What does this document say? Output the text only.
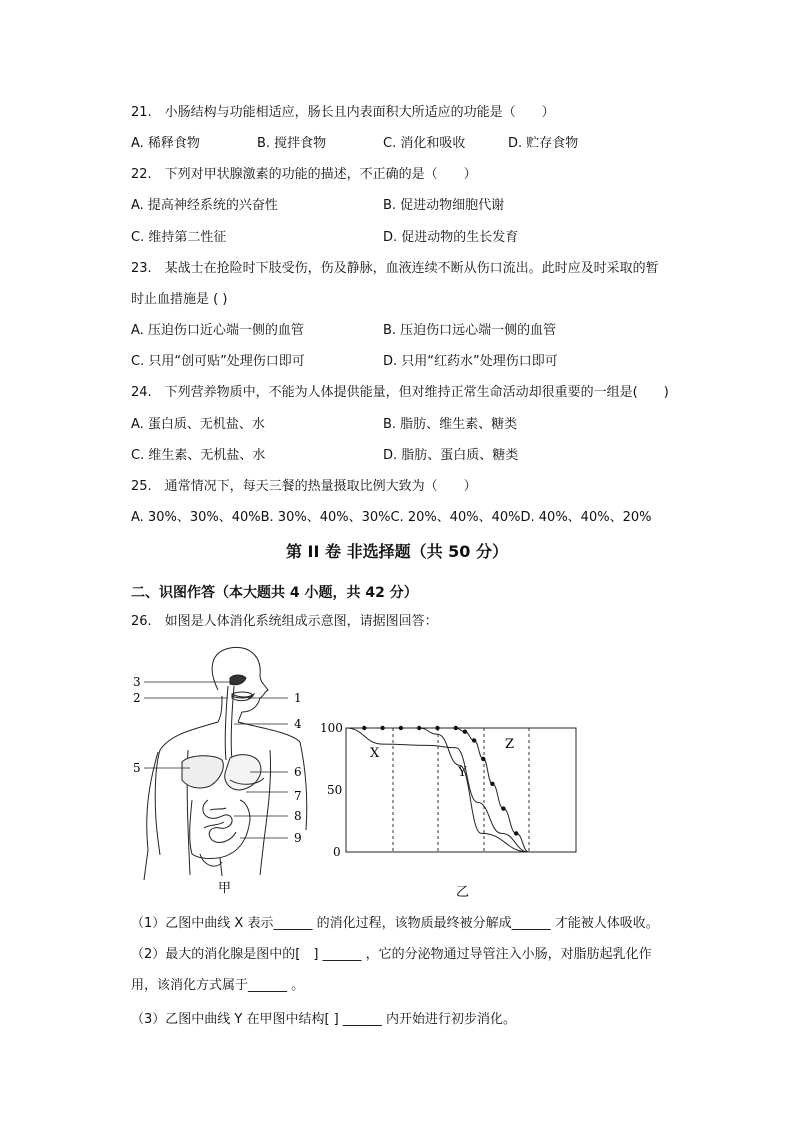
21.　小肠结构与功能相适应，肠长且内表面积大所适应的功能是（　　）
A. 稀释食物	B. 搅拌食物	C. 消化和吸收	D. 贮存食物
22.　下列对甲状腺激素的功能的描述，不正确的是（　　）
A. 提高神经系统的兴奋性	B. 促进动物细胞代谢
C. 维持第二性征	D. 促进动物的生长发育
23.　某战士在抢险时下肢受伤，伤及静脉，血液连续不断从伤口流出。此时应及时采取的暂
时止血措施是 ( )
A. 压迫伤口近心端一侧的血管	B. 压迫伤口远心端一侧的血管
C. 只用“创可贴”处理伤口即可	D. 只用“红药水”处理伤口即可
24.　下列营养物质中，不能为人体提供能量，但对维持正常生命活动却很重要的一组是(　　)
A. 蛋白质、无机盐、水	B. 脂肪、维生素、糖类
C. 维生素、无机盐、水	D. 脂肪、蛋白质、糖类
25.　通常情况下，每天三餐的热量摄取比例大致为（　　）
A. 30%、30%、40%B. 30%、40%、30%C. 20%、40%、40%D. 40%、40%、20%
第 II 卷 非选择题（共 50 分）
二、识图作答（本大题共 4 小题，共 42 分）
26.　如图是人体消化系统组成示意图，请据图回答：
3
2
5
1
4
6
7
8
9
甲
100
50
0
X
Y
Z
乙
（1）乙图中曲线 X 表示______ 的消化过程，该物质最终被分解成______ 才能被人体吸收。
（2）最大的消化腺是图中的[　] ______ ，它的分泌物通过导管注入小肠，对脂肪起乳化作
用，该消化方式属于______ 。
（3）乙图中曲线 Y 在甲图中结构[ ] ______ 内开始进行初步消化。
